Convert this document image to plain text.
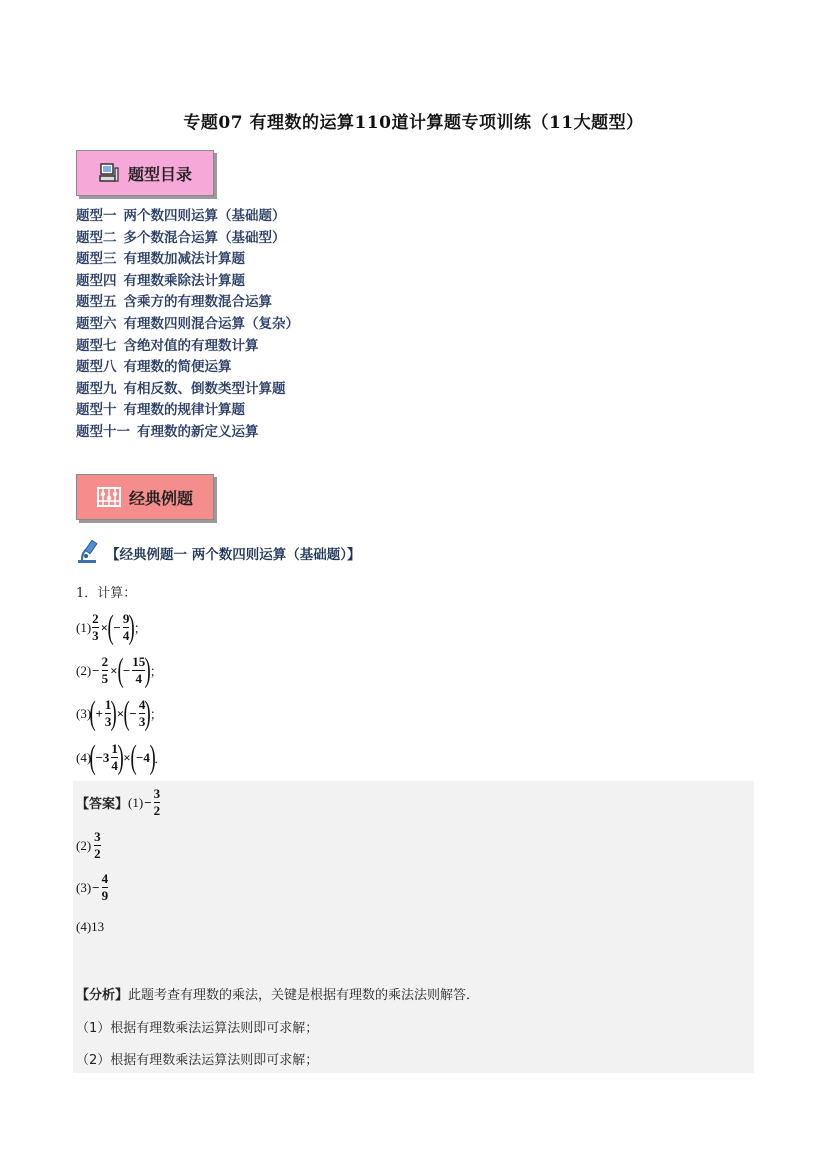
专题07 有理数的运算110道计算题专项训练（11大题型）
题型目录
题型一 两个数四则运算（基础题）
题型二 多个数混合运算（基础型）
题型三 有理数加减法计算题
题型四 有理数乘除法计算题
题型五 含乘方的有理数混合运算
题型六 有理数四则混合运算（复杂）
题型七 含绝对值的有理数计算
题型八 有理数的简便运算
题型九 有相反数、倒数类型计算题
题型十 有理数的规律计算题
题型十一 有理数的新定义运算
经典例题
【经典例题一 两个数四则运算（基础题）】
1．计算：
$(1) \frac{2}{3}$ × ( − $\frac{9}{4}$ )
；
$(2) - \frac{2}{5}$ × ( − $\frac{15}{4}$ )
；
(3)
( + $\frac{1}{3}$ ) × ( − $\frac{4}{3}$ )
；
(4)
( $-3 \frac{1}{4}$ ) × ( −4 )
．
【答案】 $(1) - \frac{3}{2}$
$(2) \frac{3}{2}$
$(3) - \frac{4}{9}$
(4) 13
【分析】此题考查有理数的乘法，关键是根据有理数的乘法法则解答．
（1）根据有理数乘法运算法则即可求解；
（2）根据有理数乘法运算法则即可求解；
